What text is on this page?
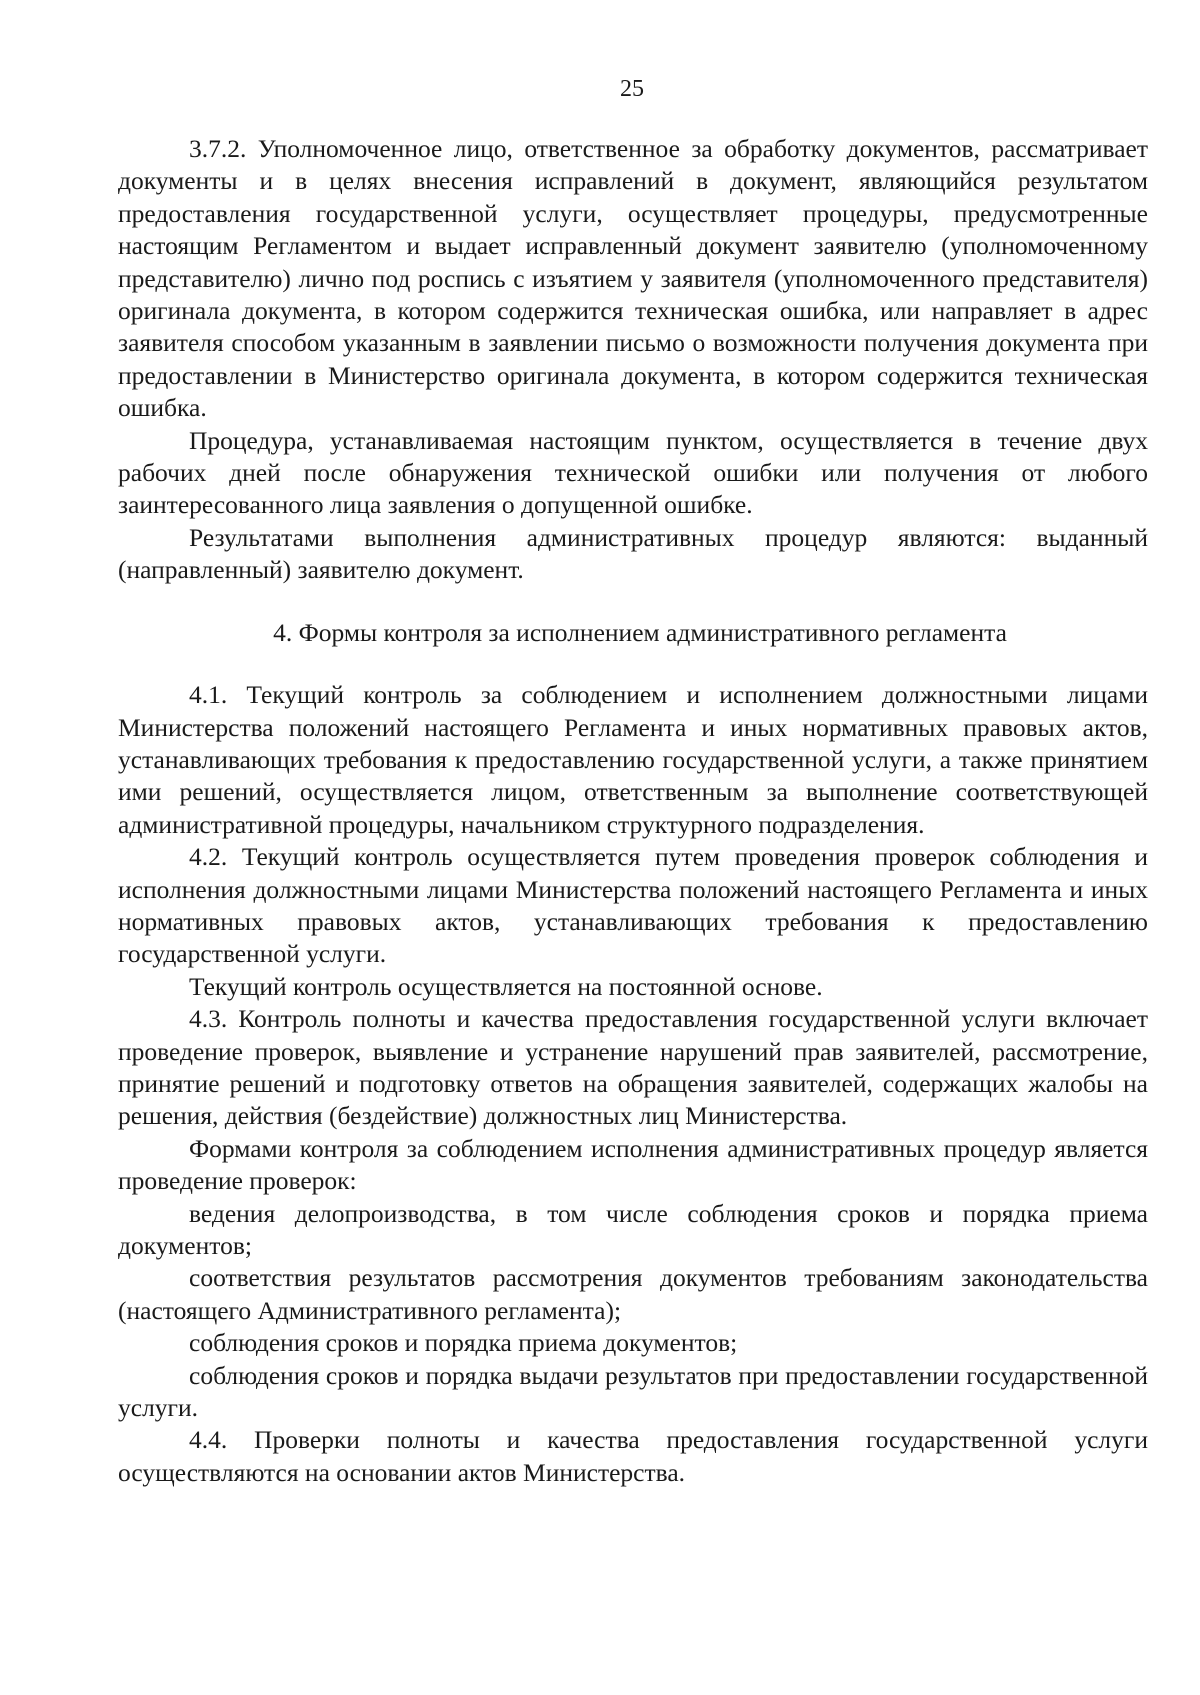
25

3.7.2. Уполномоченное лицо, ответственное за обработку документов, рассматривает документы и в целях внесения исправлений в документ, являющийся результатом предоставления государственной услуги, осуществляет процедуры, предусмотренные настоящим Регламентом и выдает исправленный документ заявителю (уполномоченному представителю) лично под роспись с изъятием у заявителя (уполномоченного представителя) оригинала документа, в котором содержится техническая ошибка, или направляет в адрес заявителя способом указанным в заявлении письмо о возможности получения документа при предоставлении в Министерство оригинала документа, в котором содержится техническая ошибка.

Процедура, устанавливаемая настоящим пунктом, осуществляется в течение двух рабочих дней после обнаружения технической ошибки или получения от любого заинтересованного лица заявления о допущенной ошибке.

Результатами выполнения административных процедур являются: выданный (направленный) заявителю документ.

4. Формы контроля за исполнением административного регламента

4.1. Текущий контроль за соблюдением и исполнением должностными лицами Министерства положений настоящего Регламента и иных нормативных правовых актов, устанавливающих требования к предоставлению государственной услуги, а также принятием ими решений, осуществляется лицом, ответственным за выполнение соответствующей административной процедуры, начальником структурного подразделения.

4.2. Текущий контроль осуществляется путем проведения проверок соблюдения и исполнения должностными лицами Министерства положений настоящего Регламента и иных нормативных правовых актов, устанавливающих требования к предоставлению государственной услуги.

Текущий контроль осуществляется на постоянной основе.

4.3. Контроль полноты и качества предоставления государственной услуги включает проведение проверок, выявление и устранение нарушений прав заявителей, рассмотрение, принятие решений и подготовку ответов на обращения заявителей, содержащих жалобы на решения, действия (бездействие) должностных лиц Министерства.

Формами контроля за соблюдением исполнения административных процедур является проведение проверок:

ведения делопроизводства, в том числе соблюдения сроков и порядка приема документов;

соответствия результатов рассмотрения документов требованиям законодательства (настоящего Административного регламента);

соблюдения сроков и порядка приема документов;

соблюдения сроков и порядка выдачи результатов при предоставлении государственной услуги.

4.4. Проверки полноты и качества предоставления государственной услуги осуществляются на основании актов Министерства.
